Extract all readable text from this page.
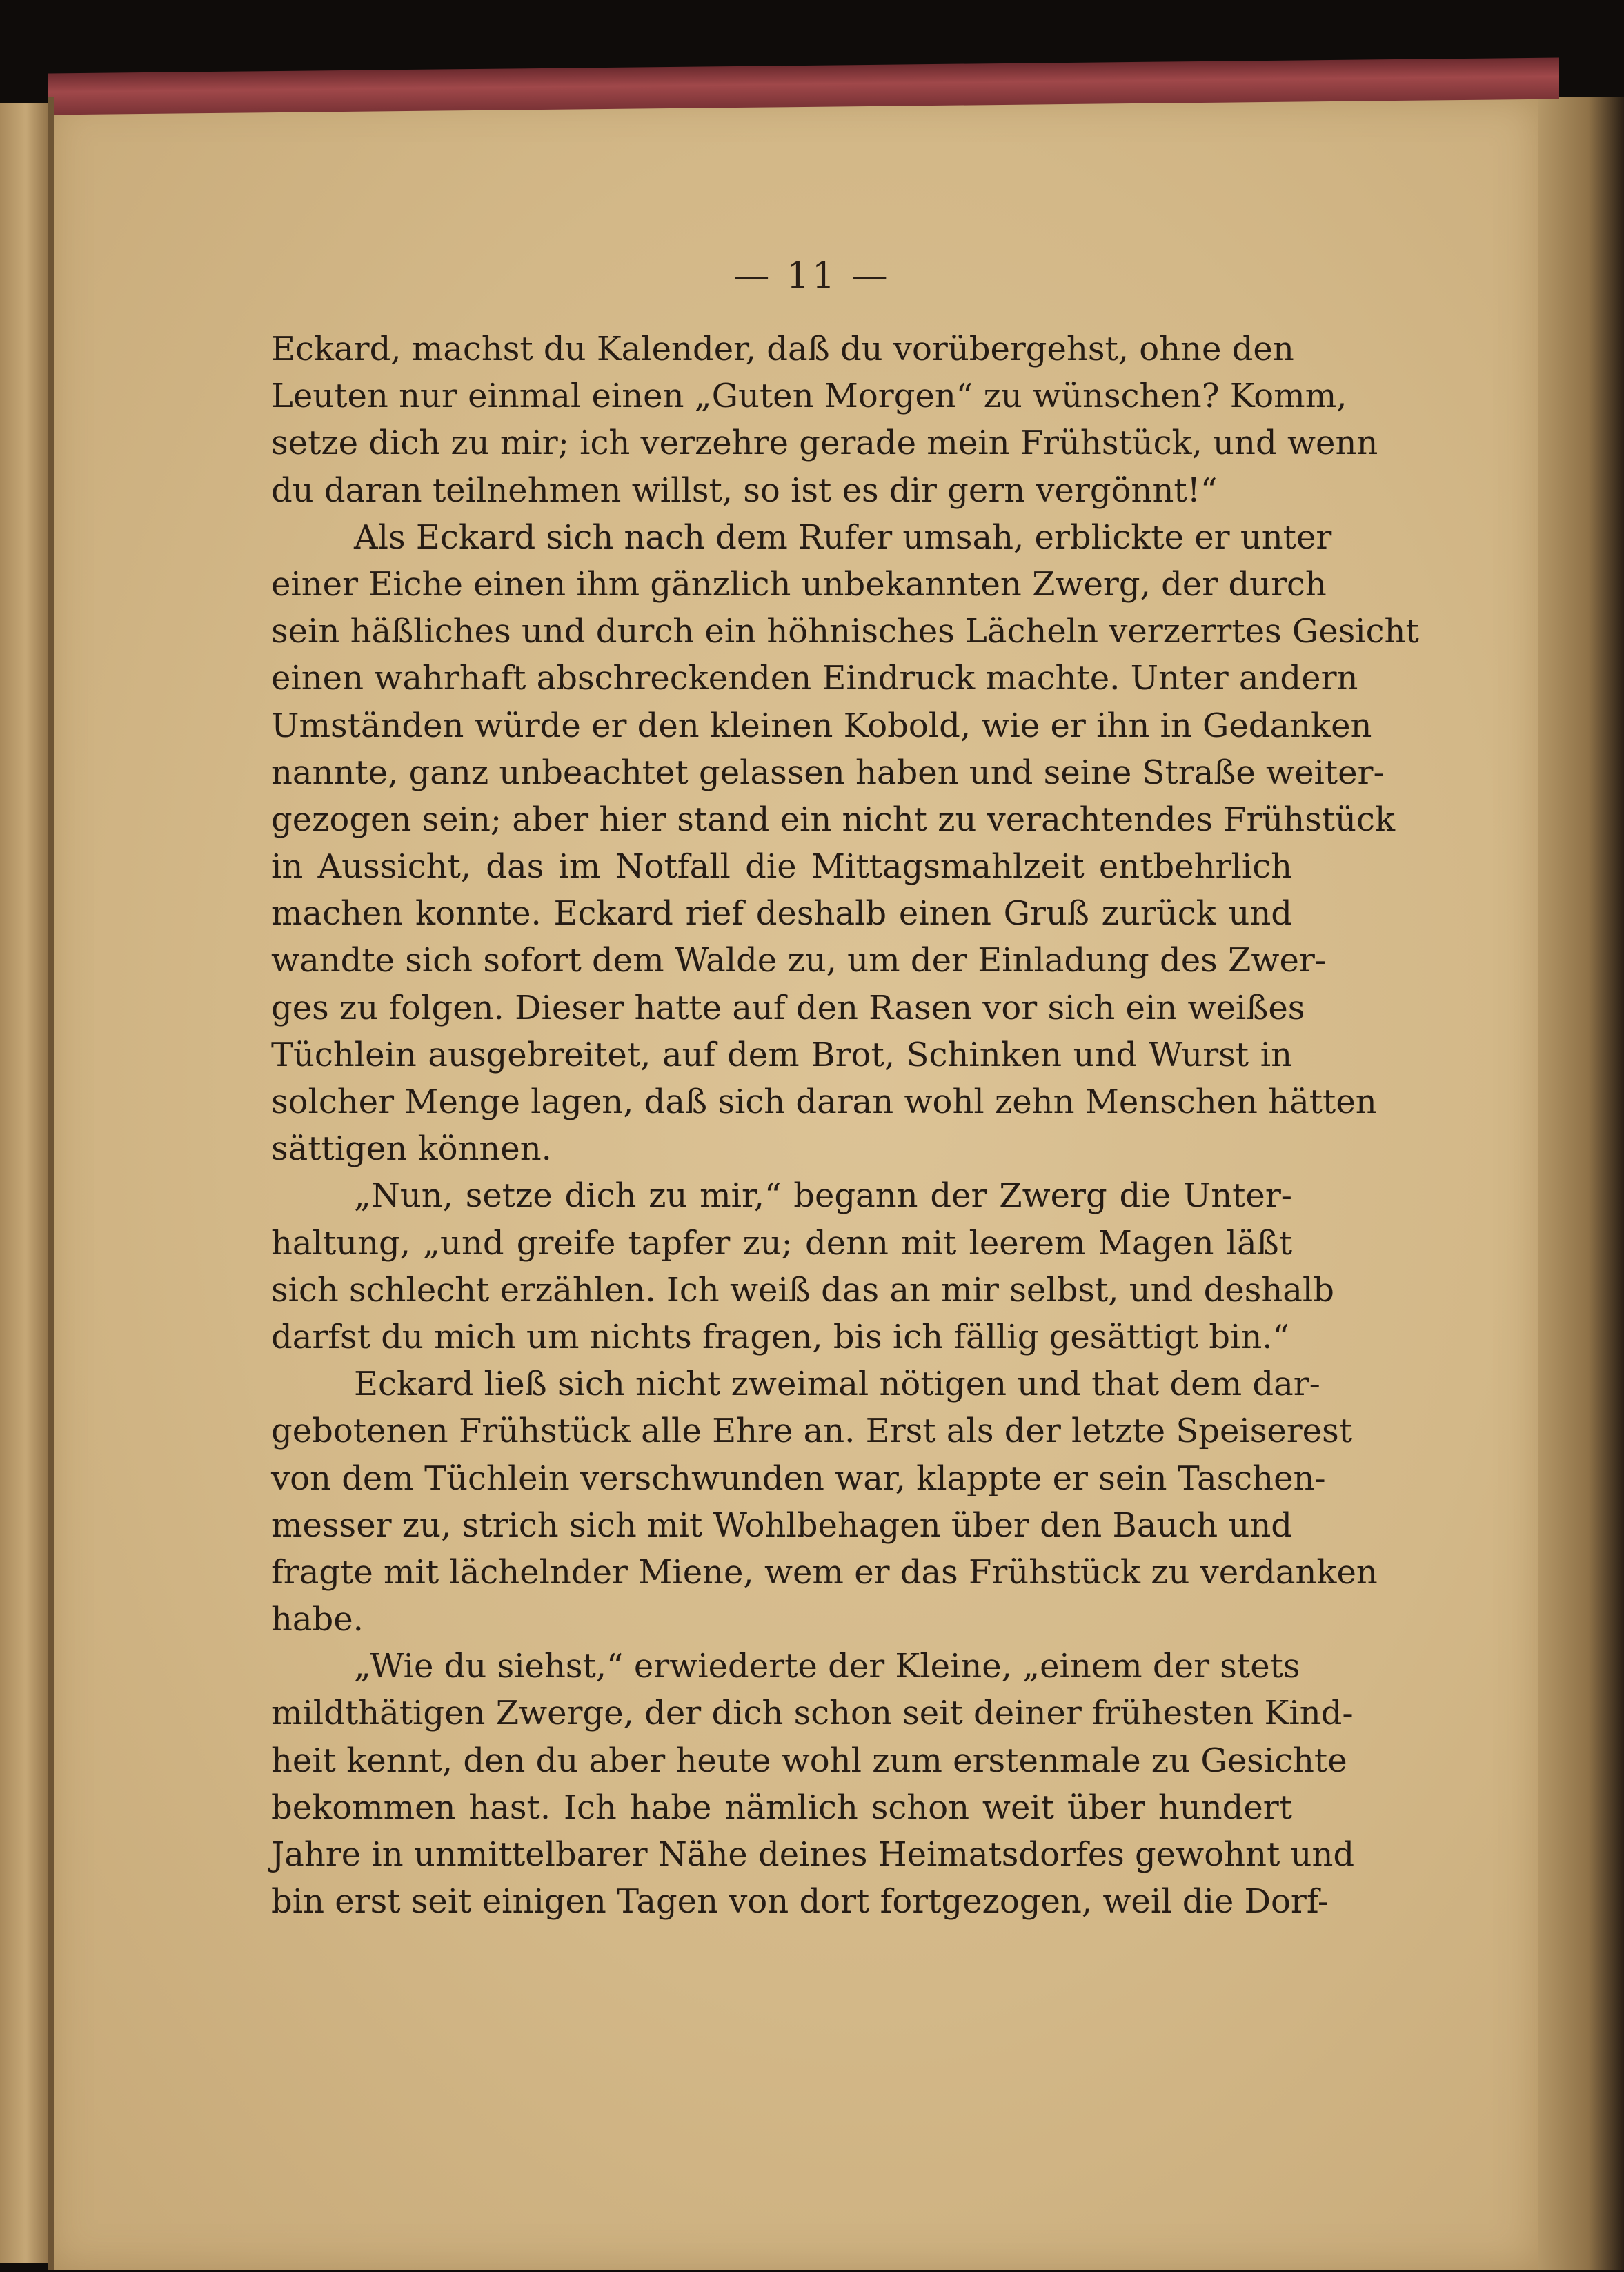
— 11 —
Eckard, machst du Kalender, daß du vorübergehst, ohne den
Leuten nur einmal einen „Guten Morgen“ zu wünschen? Komm,
setze dich zu mir; ich verzehre gerade mein Frühstück, und wenn
du daran teilnehmen willst, so ist es dir gern vergönnt!“
Als Eckard sich nach dem Rufer umsah, erblickte er unter
einer Eiche einen ihm gänzlich unbekannten Zwerg, der durch
sein häßliches und durch ein höhnisches Lächeln verzerrtes Gesicht
einen wahrhaft abschreckenden Eindruck machte. Unter andern
Umständen würde er den kleinen Kobold, wie er ihn in Gedanken
nannte, ganz unbeachtet gelassen haben und seine Straße weiter-
gezogen sein; aber hier stand ein nicht zu verachtendes Frühstück
in Aussicht, das im Notfall die Mittagsmahlzeit entbehrlich
machen konnte. Eckard rief deshalb einen Gruß zurück und
wandte sich sofort dem Walde zu, um der Einladung des Zwer-
ges zu folgen. Dieser hatte auf den Rasen vor sich ein weißes
Tüchlein ausgebreitet, auf dem Brot, Schinken und Wurst in
solcher Menge lagen, daß sich daran wohl zehn Menschen hätten
sättigen können.
„Nun, setze dich zu mir,“ begann der Zwerg die Unter-
haltung, „und greife tapfer zu; denn mit leerem Magen läßt
sich schlecht erzählen. Ich weiß das an mir selbst, und deshalb
darfst du mich um nichts fragen, bis ich fällig gesättigt bin.“
Eckard ließ sich nicht zweimal nötigen und that dem dar-
gebotenen Frühstück alle Ehre an. Erst als der letzte Speiserest
von dem Tüchlein verschwunden war, klappte er sein Taschen-
messer zu, strich sich mit Wohlbehagen über den Bauch und
fragte mit lächelnder Miene, wem er das Frühstück zu verdanken
habe.
„Wie du siehst,“ erwiederte der Kleine, „einem der stets
mildthätigen Zwerge, der dich schon seit deiner frühesten Kind-
heit kennt, den du aber heute wohl zum erstenmale zu Gesichte
bekommen hast. Ich habe nämlich schon weit über hundert
Jahre in unmittelbarer Nähe deines Heimatsdorfes gewohnt und
bin erst seit einigen Tagen von dort fortgezogen, weil die Dorf-
